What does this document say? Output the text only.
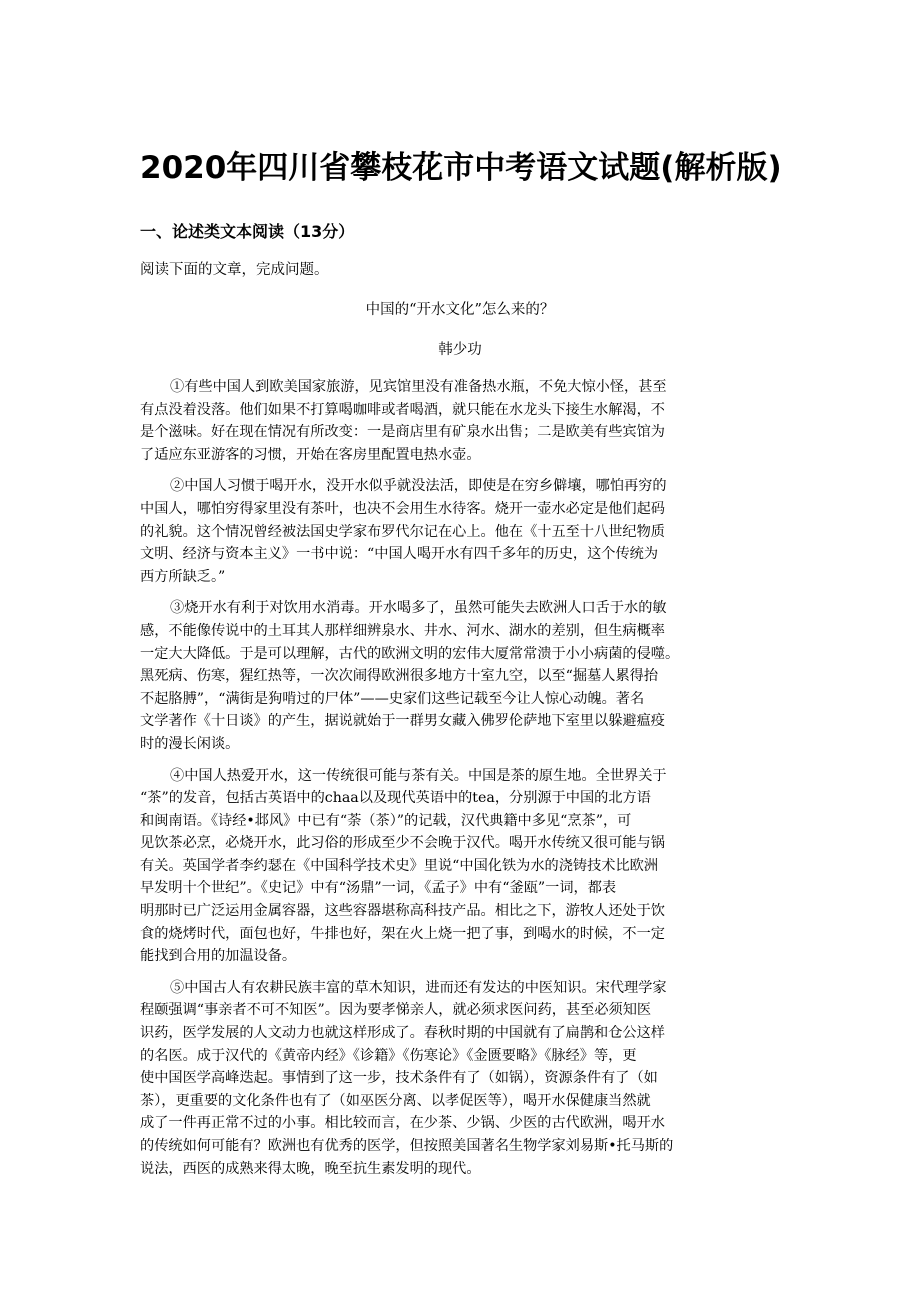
2020年四川省攀枝花市中考语文试题(解析版)
一、论述类文本阅读（13分）
阅读下面的文章，完成问题。
中国的“开水文化”怎么来的？
韩少功
①有些中国人到欧美国家旅游，见宾馆里没有准备热水瓶，不免大惊小怪，甚至
有点没着没落。他们如果不打算喝咖啡或者喝酒，就只能在水龙头下接生水解渴，不
是个滋味。好在现在情况有所改变：一是商店里有矿泉水出售；二是欧美有些宾馆为
了适应东亚游客的习惯，开始在客房里配置电热水壶。
②中国人习惯于喝开水，没开水似乎就没法活，即使是在穷乡僻壤，哪怕再穷的
中国人，哪怕穷得家里没有茶叶，也决不会用生水待客。烧开一壶水必定是他们起码
的礼貌。这个情况曾经被法国史学家布罗代尔记在心上。他在《十五至十八世纪物质
文明、经济与资本主义》一书中说：“中国人喝开水有四千多年的历史，这个传统为
西方所缺乏。”
③烧开水有利于对饮用水消毒。开水喝多了，虽然可能失去欧洲人口舌于水的敏
感，不能像传说中的土耳其人那样细辨泉水、井水、河水、湖水的差别，但生病概率
一定大大降低。于是可以理解，古代的欧洲文明的宏伟大厦常常溃于小小病菌的侵噬。
黑死病、伤寒，猩红热等，一次次闹得欧洲很多地方十室九空，以至“掘墓人累得抬
不起胳膊”，“满街是狗啃过的尸体”——史家们这些记载至今让人惊心动魄。著名
文学著作《十日谈》的产生，据说就始于一群男女藏入佛罗伦萨地下室里以躲避瘟疫
时的漫长闲谈。
④中国人热爱开水，这一传统很可能与茶有关。中国是茶的原生地。全世界关于
“茶”的发音，包括古英语中的chaa以及现代英语中的tea，分别源于中国的北方语
和闽南语。《诗经•邶风》中已有“荼（茶）”的记载，汉代典籍中多见“烹茶”，可
见饮茶必烹，必烧开水，此习俗的形成至少不会晚于汉代。喝开水传统又很可能与锅
有关。英国学者李约瑟在《中国科学技术史》里说“中国化铁为水的浇铸技术比欧洲
早发明十个世纪”。《史记》中有“汤鼎”一词，《孟子》中有“釜瓯”一词，都表
明那时已广泛运用金属容器，这些容器堪称高科技产品。相比之下，游牧人还处于饮
食的烧烤时代，面包也好，牛排也好，架在火上烧一把了事，到喝水的时候，不一定
能找到合用的加温设备。
⑤中国古人有农耕民族丰富的草木知识，进而还有发达的中医知识。宋代理学家
程颐强调“事亲者不可不知医”。因为要孝悌亲人，就必须求医问药，甚至必须知医
识药，医学发展的人文动力也就这样形成了。春秋时期的中国就有了扁鹊和仓公这样
的名医。成于汉代的《黄帝内经》《诊籍》《伤寒论》《金匮要略》《脉经》等，更
使中国医学高峰迭起。事情到了这一步，技术条件有了（如锅），资源条件有了（如
茶），更重要的文化条件也有了（如巫医分离、以孝促医等），喝开水保健康当然就
成了一件再正常不过的小事。相比较而言，在少茶、少锅、少医的古代欧洲，喝开水
的传统如何可能有？欧洲也有优秀的医学，但按照美国著名生物学家刘易斯•托马斯的
说法，西医的成熟来得太晚，晚至抗生素发明的现代。
